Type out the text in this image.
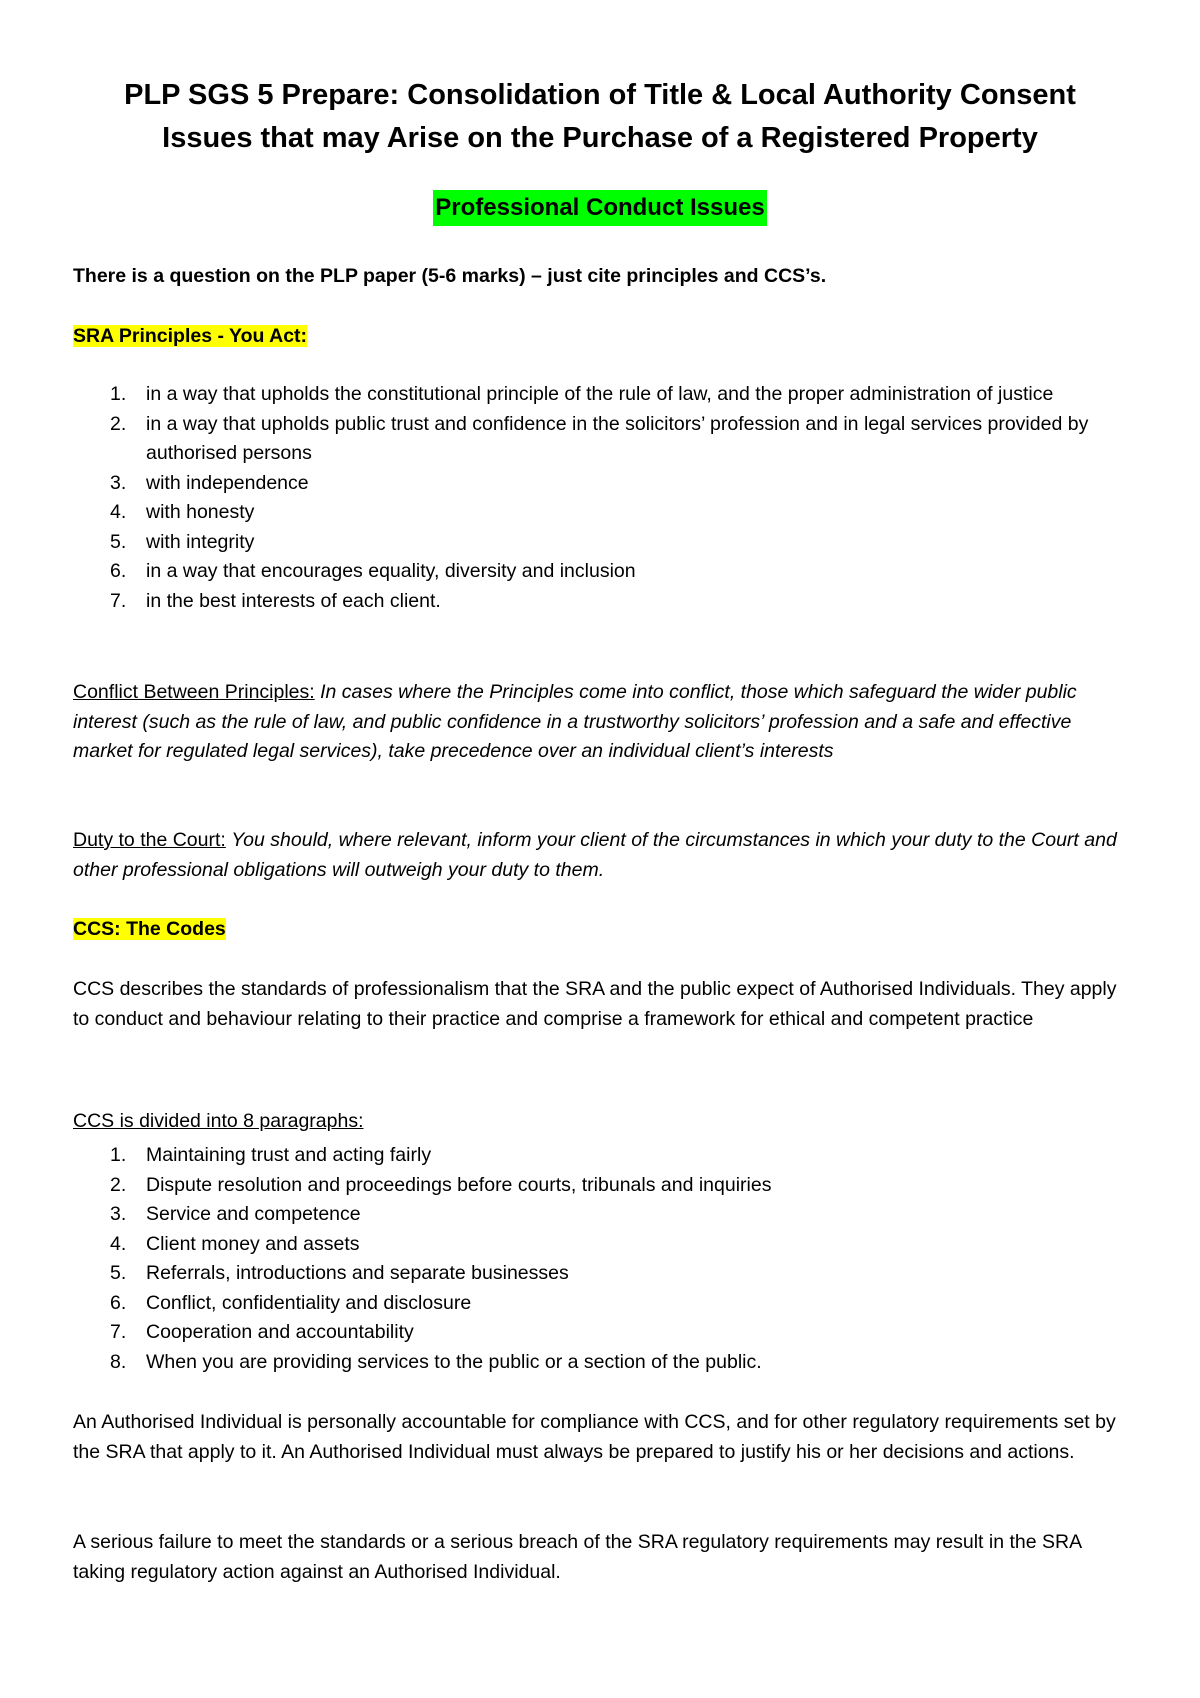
PLP SGS 5 Prepare: Consolidation of Title & Local Authority Consent
Issues that may Arise on the Purchase of a Registered Property
Professional Conduct Issues

There is a question on the PLP paper (5-6 marks) – just cite principles and CCS’s.

SRA Principles - You Act:

1. in a way that upholds the constitutional principle of the rule of law, and the proper administration of justice
2. in a way that upholds public trust and confidence in the solicitors’ profession and in legal services provided by authorised persons
3. with independence
4. with honesty
5. with integrity
6. in a way that encourages equality, diversity and inclusion
7. in the best interests of each client.

Conflict Between Principles: In cases where the Principles come into conflict, those which safeguard the wider public interest (such as the rule of law, and public confidence in a trustworthy solicitors’ profession and a safe and effective market for regulated legal services), take precedence over an individual client’s interests

Duty to the Court: You should, where relevant, inform your client of the circumstances in which your duty to the Court and other professional obligations will outweigh your duty to them.

CCS: The Codes

CCS describes the standards of professionalism that the SRA and the public expect of Authorised Individuals. They apply to conduct and behaviour relating to their practice and comprise a framework for ethical and competent practice

CCS is divided into 8 paragraphs:

1. Maintaining trust and acting fairly
2. Dispute resolution and proceedings before courts, tribunals and inquiries
3. Service and competence
4. Client money and assets
5. Referrals, introductions and separate businesses
6. Conflict, confidentiality and disclosure
7. Cooperation and accountability
8. When you are providing services to the public or a section of the public.

An Authorised Individual is personally accountable for compliance with CCS, and for other regulatory requirements set by the SRA that apply to it. An Authorised Individual must always be prepared to justify his or her decisions and actions.

A serious failure to meet the standards or a serious breach of the SRA regulatory requirements may result in the SRA taking regulatory action against an Authorised Individual.
